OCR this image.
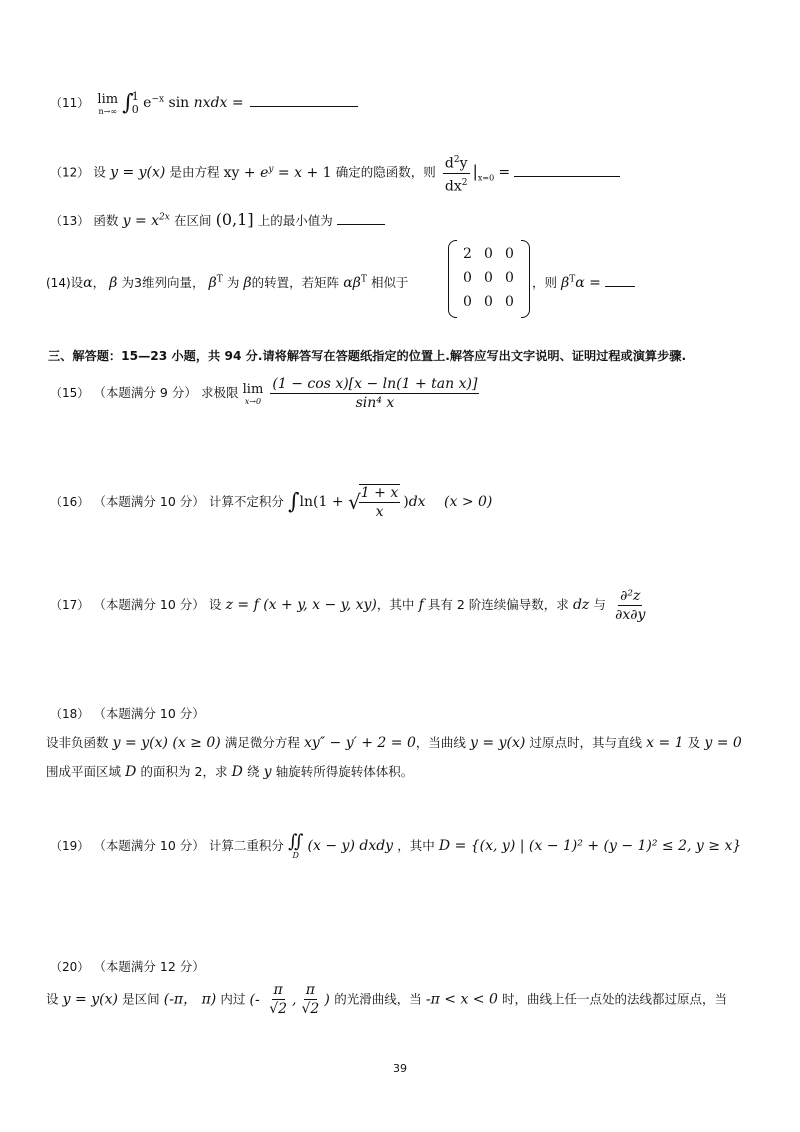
（11） lim
n→∞ ∫
1
0 $e^{-x}$ sin nxdx =
（12） 设 y = y(x) 是由方程 xy + $e^y = x + 1$ 确定的隐函数，则 $\frac{d^2y}{dx^2} |_{x=0}$ =
（13） 函数 $y = x^{2x}$ 在区间 (0,1] 上的最小值为
(14)设α， β 为3维列向量， $\beta^T$ 为 β的转置，若矩阵 $\alpha\beta^T$ 相似于
2	0	0
0	0	0
0	0	0
，则 $\beta^T\alpha$ =
三、解答题：15—23 小题，共 94 分.请将解答写在答题纸指定的位置上.解答应写出文字说明、证明过程或演算步骤.
（15） （本题满分 9 分） 求极限 lim
x→0
$\frac{\text{(1 − cos x)[x − ln(1 + tan x)]}}{\text{sin⁴ x}}$
（16） （本题满分 10 分） 计算不定积分 ∫ln(1 + √
$\frac{1 + x}{x} )dx$ (x > 0)
（17） （本题满分 10 分） 设 z = f (x + y, x − y, xy)，其中 f 具有 2 阶连续偏导数，求 dz 与 $\frac{\text{∂²z}}{\partial x\partial y}$
（18） （本题满分 10 分）
设非负函数 y = y(x) (x ≥ 0) 满足微分方程 xy″ − y′ + 2 = 0，当曲线 y = y(x) 过原点时，其与直线 x = 1 及 y = 0
围成平面区域 D 的面积为 2，求 D 绕 y 轴旋转所得旋转体体积。
（19） （本题满分 10 分） 计算二重积分 ∬
D
(x − y) dxdy ，其中 D = {(x, y) | (x − 1)² + (y − 1)² ≤ 2, y ≥ x}
（20） （本题满分 12 分）
设 y = y(x) 是区间 (-π， π) 内过 (- $\frac{\pi}{√2}$ , $\frac{\pi}{√2}$ ) 的光滑曲线，当 -π < x < 0 时，曲线上任一点处的法线都过原点，当
39
